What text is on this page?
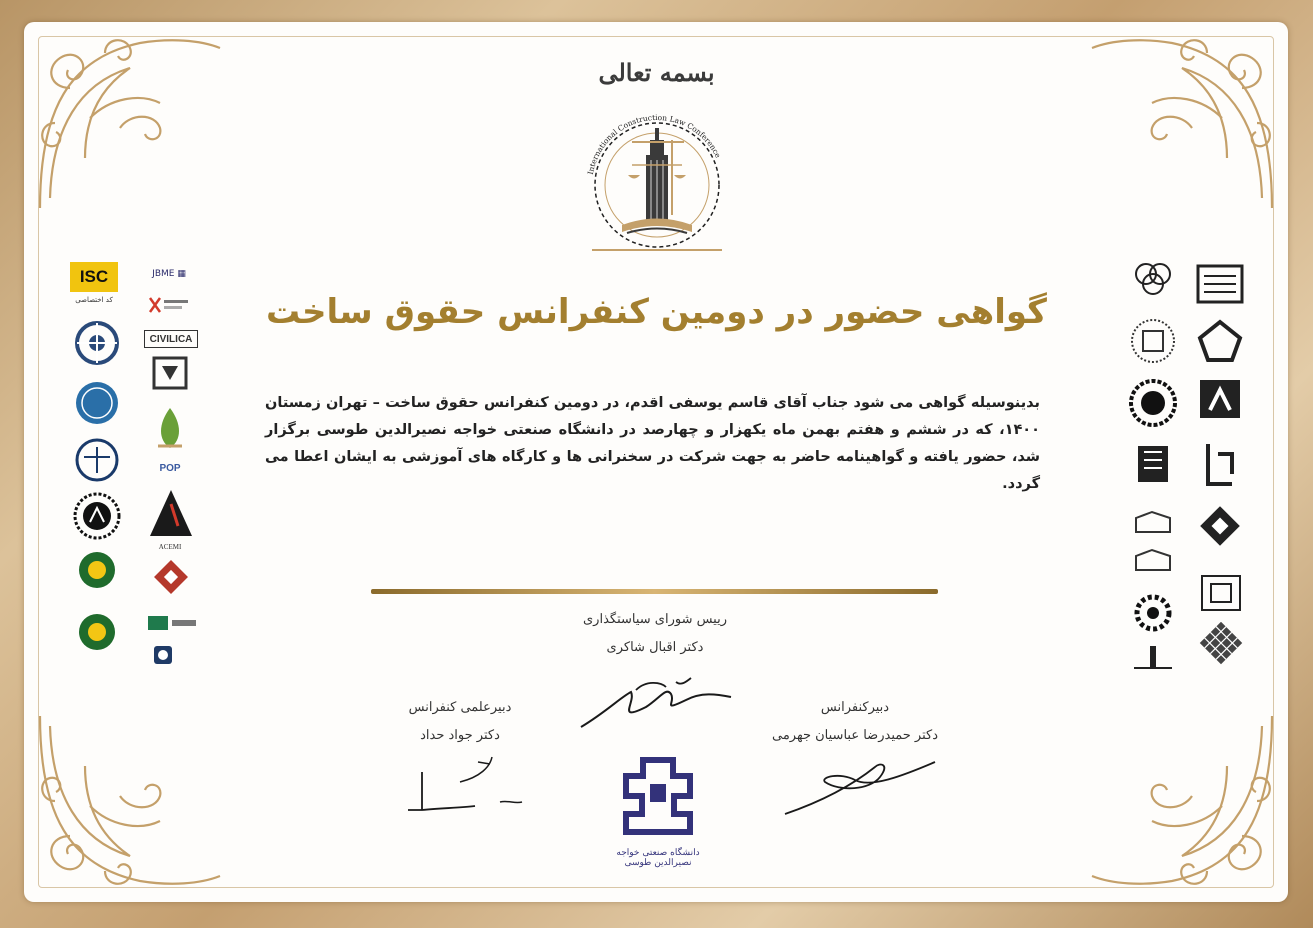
بسمه تعالی
International Construction Law Conference
گواهی حضور در دومین کنفرانس حقوق ساخت
بدینوسیله گواهی می شود جناب آقای قاسم یوسفی اقدم، در دومین کنفرانس حقوق ساخت – تهران زمستان ۱۴۰۰، که در ششم و هفتم بهمن ماه یکهزار و چهارصد در دانشگاه صنعتی خواجه نصیرالدین طوسی برگزار شد، حضور یافته و گواهینامه حاضر به جهت شرکت در سخنرانی ها و کارگاه های آموزشی به ایشان اعطا می گردد.
رییس شورای سیاستگذاری
دکتر اقبال شاکری
دبیرعلمی کنفرانس
دکتر جواد حداد
دبیرکنفرانس
دکتر حمیدرضا عباسیان جهرمی
دانشگاه صنعتی خواجه نصیرالدین طوسی
ISC
کد اختصاصی
JBME ▦
CIVILICA
POP
ACEMI
